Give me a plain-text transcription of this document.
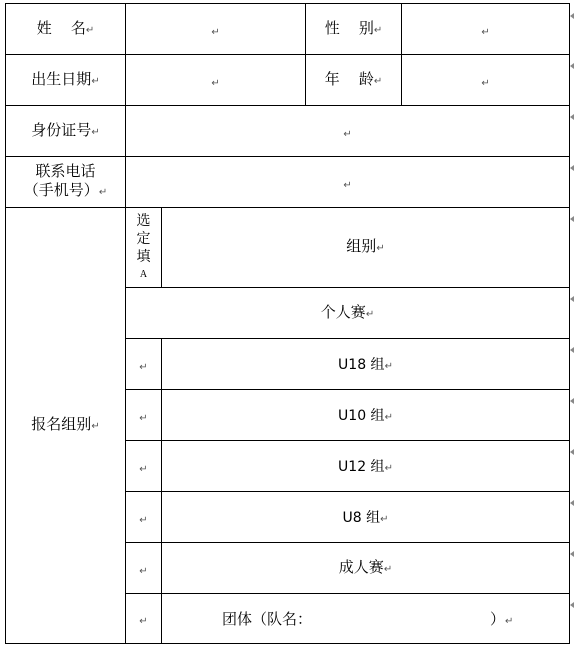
姓    名↵	↵		性    别↵	↵
出生日期↵	↵		年    龄↵	↵
身份证号↵	↵			

联系电话
（手机号）↵	↵			
报名组别↵	选定填
A	组别↵		
	个人赛↵			
	↵	U18 组↵		
	↵	U10 组↵		
	↵	U12 组↵		
	↵	U8 组↵		
	↵	成人赛↵		
	↵	团体（队名： ）↵		
